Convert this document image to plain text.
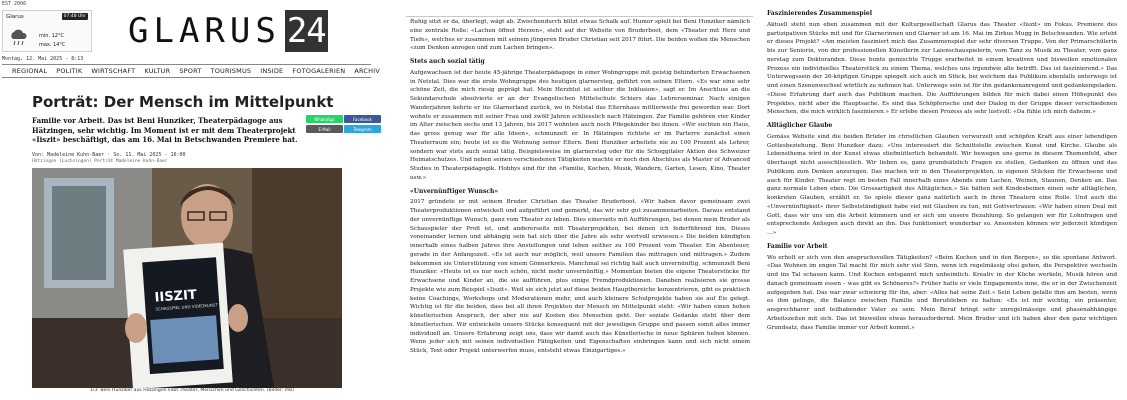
EST 2006
Glarus	07:48 Uhr
min. 12°C
max. 14°C GLARUS 24
Montag, 12. Mai 2025 - 8:13
REGIONAL POLITIK WIRTSCHAFT KULTUR SPORT TOURISMUS INSIDE FOTOGALERIEN ARCHIV
Porträt: Der Mensch im Mittelpunkt

Familie vor Arbeit. Das ist Beni Hunziker, Theaterpädagoge aus Hätzingen, sehr wichtig. Im Moment ist er mit dem Theaterprojekt «Iiszit» beschäftigt, das am 16. Mai in Betschwanden Premiere hat.

WhatsApp	Facebook
E-Mail	Telegram
Von: Madeleine Kuhn-Baer · So. 11. Mai 2025 - 16:00
Hätzingen (Luchsingen) Porträt Madeleine Kuhn-Baer
IISZIT
SCHAUSPIEL UND VIDEOKUNST
1/3: Beni Hunziker aus Hätzingen liebt Theater, Menschen und Geschichten. (Bilder: mb)

Ruhig sitzt er da, überlegt, wägt ab. Zwischendurch blitzt etwas Schalk auf. Humor spielt bei Beni Hunziker nämlich eine zentrale Rolle: «Lachen öffnet Herzen», steht auf der Website von Bruderboot, dem «Theater mit Herz und Tiefe», welches er zusammen mit seinem jüngeren Bruder Christian seit 2017 führt. Die beiden wollen die Menschen «zum Denken anregen und zum Lachen bringen».

Stets auch sozial tätig

Aufgewachsen ist der heute 45-jährige Theaterpädagoge in einer Wohngruppe mit geistig behinderten Erwachsenen in Netstal. Dies war die erste Wohngruppe des heutigen glarnersteg, geführt von seinen Eltern. «Es war eine sehr schöne Zeit, die mich riesig geprägt hat. Mein Herzblut ist seither die Inklusion», sagt er. Im Anschluss an die Sekundarschule absolvierte er an der Evangelischen Mittelschule Schiers das Lehrerseminar. Nach einigen Wanderjahren kehrte er ins Glarnerland zurück, wo in Netstal das Elternhaus mittlerweile frei geworden war. Dort wohnte er zusammen mit seiner Frau und zwölf Jahren schliesslich nach Hätzingen. Zur Familie gehören vier Kinder im Alter zwischen sechs und 13 Jahren, bis 2017 wohnten auch noch Pflegekinder bei ihnen. «Wir suchten ein Haus, das gross genug war für alle Ideen», schmunzelt er. In Hätzingen richtete er im Parterre zunächst einen Theaterraum ein; heute ist es die Wohnung seiner Eltern. Beni Hunziker arbeitete nie zu 100 Prozent als Lehrer, sondern war stets auch sozial tätig. Beispielsweise im glarnersteg oder für die Schoggitaler Aktion des Schweizer Heimatschutzes. Und neben seinen verschiedenen Tätigkeiten machte er noch den Abschluss als Master of Advanced Studies in Theaterpädagogik. Hobbys sind für ihn «Familie, Kochen, Musik, Wandern, Garten, Lesen, Kino, Theater usw.»

«Unvernünftiger Wunsch»

2017 gründete er mit seinem Bruder Christian das Theater Bruderboot. «Wir haben davor gemeinsam zwei Theaterproduktionen entwickelt und aufgeführt und gemerkt, das wir sehr gut zusammenarbeiten. Daraus entstand der unvernünftige Wunsch, ganz vom Theater zu leben. Dies einerseits mit Aufführungen, bei denen mein Bruder als Schauspieler der Profi ist, und andererseits mit Theaterprojekten, bei denen ich federführend bin. Dieses voneinander lernen und abhängig sein hat sich über die Jahre als sehr wertvoll erwiesen.» Die beiden kündigten innerhalb eines halben Jahres ihre Anstellungen und leben seither zu 100 Prozent vom Theater. Ein Abenteuer, gerade in der Anfangszeit. «Es ist auch nur möglich, weil unsere Familien das mittragen und mittragen.» Zudem bekommen sie Unterstützung von einem Gönnerkreis. Manchmal sei richtig halt auch unvernünftig, schmunzelt Beni Hunziker. «Heute ist es nur noch schön, nicht mehr unvernünftig.» Momentan bieten die eigene Theaterstücke für Erwachsene und Kinder an, die sie aufführen, plus einige Fremdproduktionen. Daneben realisieren sie grosse Projekte wie zum Beispiel «Iiszit». Weil sie sich jetzt auf diese beiden Hauptbereiche konzentrieren, gibt es praktisch keine Coachings, Workshops und Moderationen mehr, und auch kleinere Schulprojekte haben sie auf Eis gelegt. Wichtig ist für die beiden, dass bei all ihren Projekten der Mensch im Mittelpunkt steht: «Wir haben einen hohen künstlerischen Anspruch, der aber nie auf Kosten des Menschen geht. Der soziale Gedanke steht über dem künstlerischen. Wir entwickeln unsere Stücke konsequent mit der jeweiligen Gruppe und passen somit alles immer individuell an. Unsere Erfahrung zeigt uns, dass wir damit auch das Künstlerische in neue Sphären heben können. Wenn jeder sich mit seinen individuellen Fähigkeiten und Eigenschaften einbringen kann und sich nicht einem Stück, Text oder Projekt unterwerfen muss, entsteht etwas Einzigartiges.»

Faszinierendes Zusammenspiel

Aktuell steht nun eben zusammen mit der Kulturgesellschaft Glarus das Theater «Iiszit» im Fokus. Premiere des partizipativen Stücks mit und für Glarnerinnen und Glarner ist am 16. Mai im Zirkus Mugg in Betschwanden. Wie erlebt er dieses Projekt? «Am meisten fasziniert mich das Zusammenspiel der sehr diversen Truppe. Von der Primarschülerin bis zur Seniorin, von der professionellen Künstlerin zur Laienschauspielerin, vom Tanz zu Musik zu Theater, vom ganz nerstag zum Doktoranden. Diese bunte gemischte Truppe erarbeitet in einem kreativen und bisweilen emotionalen Prozess ein individuelles Theaterstück zu einem Thema, welches uns irgendwie alle betrifft. Das ist faszinierend.» Das Unterwegssein der 26-köpfigen Gruppe spiegelt sich auch im Stück, bei welchem das Publikum ebenfalls unterwegs ist und einen Szenenwechsel wörtlich zu nehmen hat. Unterwegs sein ist für ihn gedankenanregend und gedankengeladen. «Diese Erfahrung darf auch das Publikum machen. Die Aufführungen bilden für mich dabei einen Höhepunkt des Projektes, nicht aber die Hauptsache. Es sind das Schöpferische und der Dialog in der Gruppe dieser verschiedenen Menschen, die mich wirklich faszinieren.» Er erlebe diesen Prozess als sehr lustvoll: «Da fühle ich mich daheim.»

Alltäglicher Glaube

Gemäss Website sind die beiden Brüder im christlichen Glauben verwurzelt und schöpfen Kraft aus einer lebendigen Gottesbeziehung. Beni Hunziker dazu: «Uns interessiert die Schnittstelle zwischen Kunst und Kirche. Glaube als Lebensthema wird in der Kunst etwas stiefmütterlich behandelt. Wir bewegen uns gerne in diesem Themenfeld, aber überhaupt nicht ausschliesslich. Wir lieben es, ganz grundsätzlich Fragen zu stellen, Gedanken zu öffnen und das Publikum zum Denken anzuregen. Das machen wir in den Theaterprojekten, in eigenen Stücken für Erwachsene und auch für Kinder. Theater regt im besten Fall innerhalb eines Abends zum Lachen, Weinen, Staunen, Denken an. Das ganz normale Leben eben. Die Grossartigkeit des Alltäglichen.» Sie hätten seit Kindesbeinen einen sehr alltäglichen, konkreten Glauben, erzählt er. So spiele dieser ganz natürlich auch in ihren Theatern eine Rolle. Und auch die «Unvernünftigkeit» ihrer Selbstständigkeit habe viel mit Glauben zu tun, mit Gottvertrauen: «Wir haben einen Deal mit Gott, dass wir uns um die Arbeit kümmern und er sich um unsere Bezahlung. So gelangen wir für Lohnfragen und entsprechende Anliegen auch direkt an ihn. Das funktioniert wunderbar so. Ansonsten können wir jederzeit kündigen …»

Familie vor Arbeit

Wo erholt er sich von den anspruchsvollen Tätigkeiten? «Beim Kochen und in den Bergen», so die spontane Antwort. «Das Wohnen im engen Tal macht für mich sehr viel Sinn, wenn ich regelmässig ohsi gehen, die Perspektive wechseln und ins Tal schauen kann. Und Kochen entspannt mich unheimlich. Kreativ in der Küche werkeln, Musik hören und danach gemeinsam essen – was gibt es Schöneres?» Früher hatte er viele Engagements inne, die er in der Zwischenzeit aufgegeben hat. Das war zwar schwierig für ihn, aber: «Alles hat seine Zeit.» Sein Leben gefalle ihm am besten, wenn es ihm gelinge, die Balance zwischen Familie und Berufsleben zu halten: «Es ist mir wichtig, ein präsenter, ansprechbarer und teilhabender Vater zu sein. Mein Beruf bringt sehr unregelmässige und phasenabhängige Arbeitszeiten mit sich. Das ist bisweilen etwas herausfordernd. Mein Bruder und ich haben aber den ganz wichtigen Grundsatz, dass Familie immer vor Arbeit kommt.»
